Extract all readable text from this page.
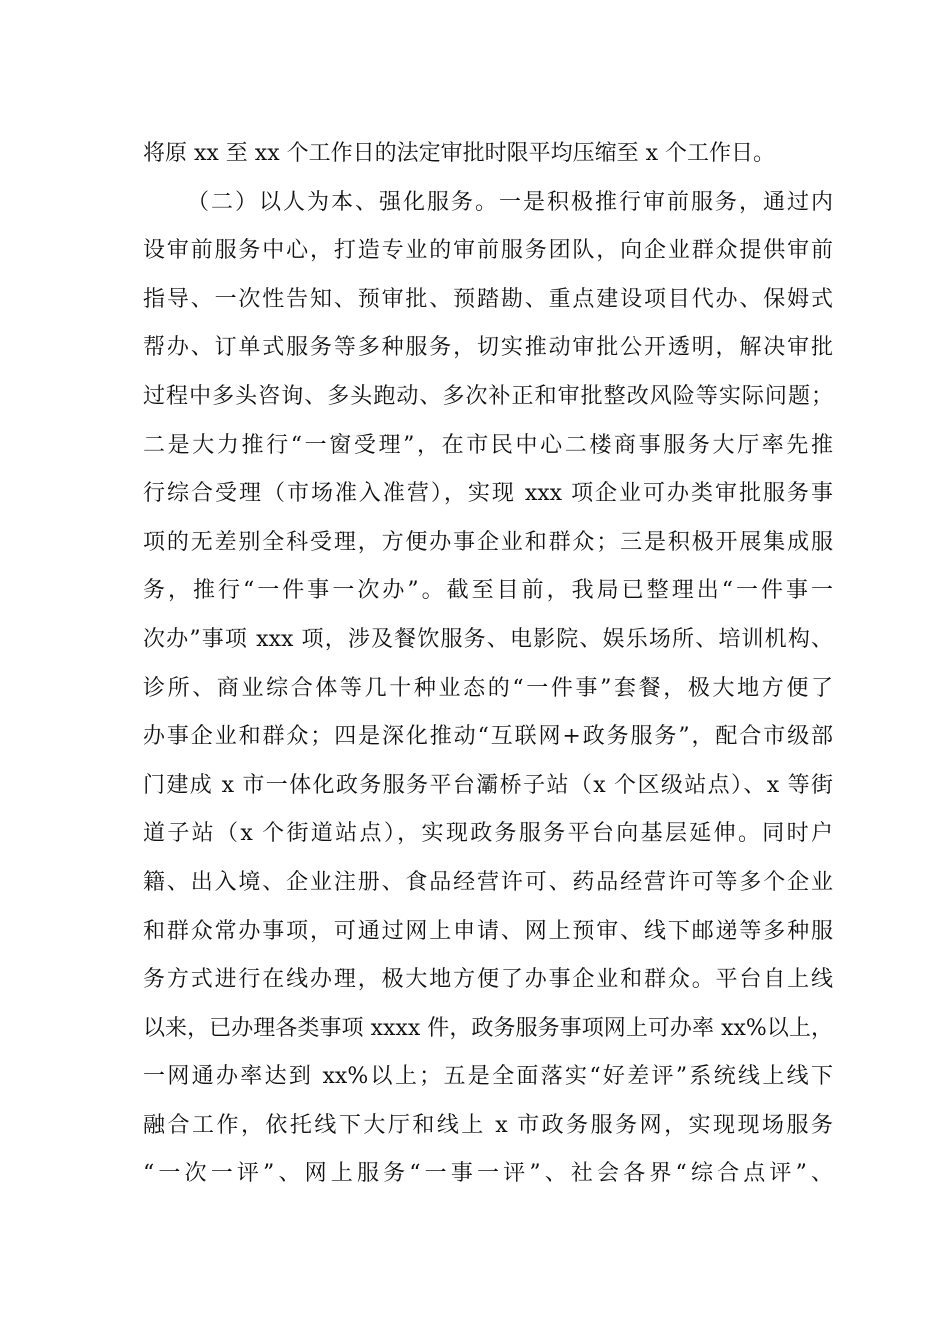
将原 xx 至 xx 个工作日的法定审批时限平均压缩至 x 个工作日。
（二）以人为本、强化服务。一是积极推行审前服务，通过内
设审前服务中心，打造专业的审前服务团队，向企业群众提供审前
指导、一次性告知、预审批、预踏勘、重点建设项目代办、保姆式
帮办、订单式服务等多种服务，切实推动审批公开透明，解决审批
过程中多头咨询、多头跑动、多次补正和审批整改风险等实际问题；
二是大力推行“一窗受理”，在市民中心二楼商事服务大厅率先推
行综合受理（市场准入准营），实现 xxx 项企业可办类审批服务事
项的无差别全科受理，方便办事企业和群众；三是积极开展集成服
务，推行“一件事一次办”。截至目前，我局已整理出“一件事一
次办”事项 xxx 项，涉及餐饮服务、电影院、娱乐场所、培训机构、
诊所、商业综合体等几十种业态的“一件事”套餐，极大地方便了
办事企业和群众；四是深化推动“互联网+政务服务”，配合市级部
门建成 x 市一体化政务服务平台灞桥子站（x 个区级站点）、x 等街
道子站（x 个街道站点），实现政务服务平台向基层延伸。同时户
籍、出入境、企业注册、食品经营许可、药品经营许可等多个企业
和群众常办事项，可通过网上申请、网上预审、线下邮递等多种服
务方式进行在线办理，极大地方便了办事企业和群众。平台自上线
以来，已办理各类事项 xxxx 件，政务服务事项网上可办率 xx%以上，
一网通办率达到 xx%以上；五是全面落实“好差评”系统线上线下
融合工作，依托线下大厅和线上 x 市政务服务网，实现现场服务
“一次一评”、网上服务“一事一评”、社会各界“综合点评”、
